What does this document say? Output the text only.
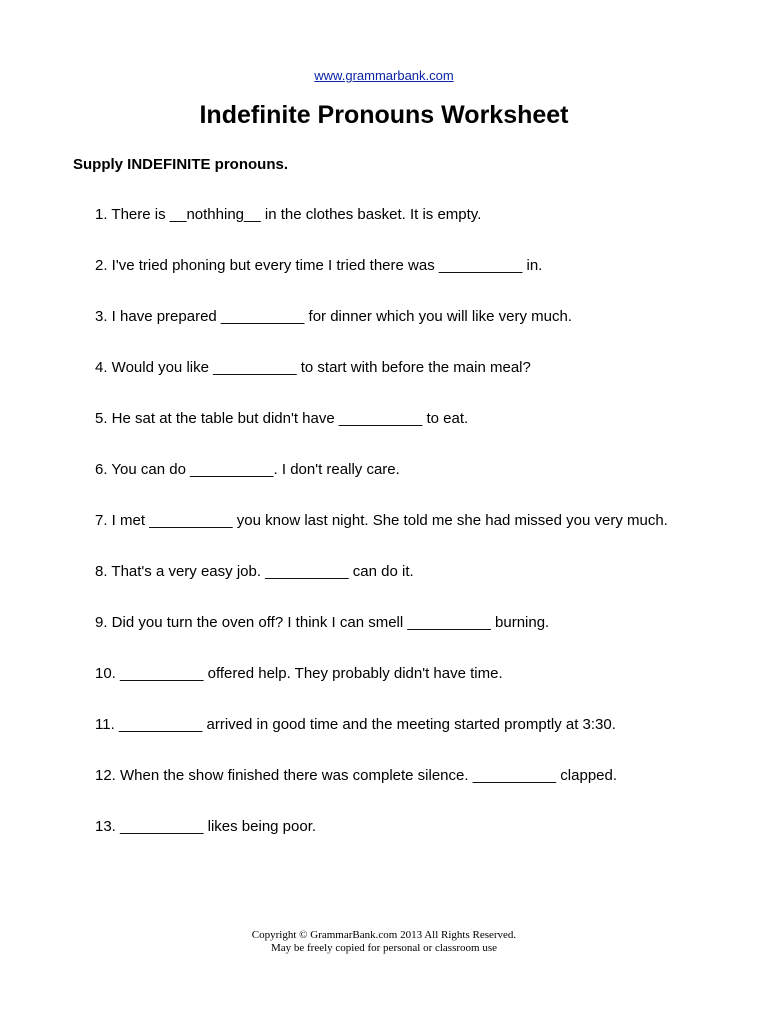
www.grammarbank.com
Indefinite Pronouns Worksheet
Supply INDEFINITE pronouns.
1. There is __nothhing__ in the clothes basket. It is empty.
2. I've tried phoning but every time I tried there was __________ in.
3. I have prepared __________ for dinner which you will like very much.
4. Would you like __________ to start with before the main meal?
5. He sat at the table but didn't have __________ to eat.
6. You can do __________. I don't really care.
7. I met __________ you know last night. She told me she had missed you very much.
8. That's a very easy job. __________ can do it.
9. Did you turn the oven off? I think I can smell __________ burning.
10. __________ offered help. They probably didn't have time.
11. __________ arrived in good time and the meeting started promptly at 3:30.
12. When the show finished there was complete silence. __________ clapped.
13. __________ likes being poor.
Copyright © GrammarBank.com 2013 All Rights Reserved.
May be freely copied for personal or classroom use
